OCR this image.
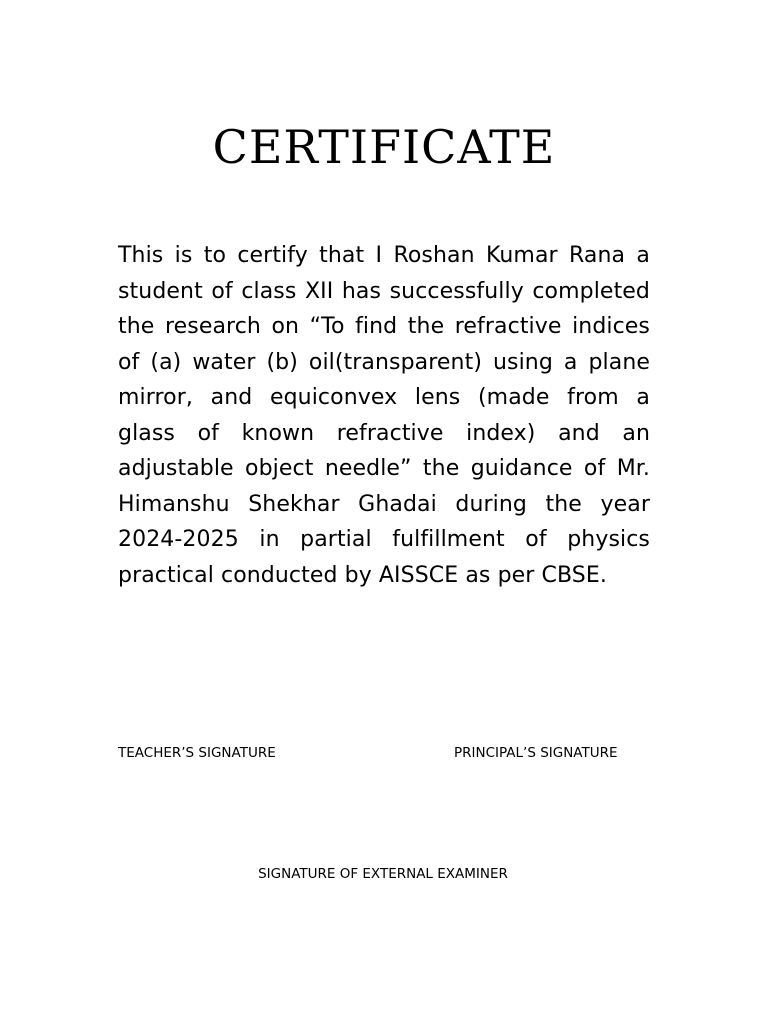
CERTIFICATE

This is to certify that I Roshan Kumar Rana a student of class XII has successfully completed the research on “To find the refractive indices of (a) water (b) oil(transparent) using a plane mirror, and equiconvex lens (made from a glass of known refractive index) and an adjustable object needle” the guidance of Mr. Himanshu Shekhar Ghadai during the year 2024-2025 in partial fulfillment of physics practical conducted by AISSCE as per CBSE.

TEACHER’S SIGNATURE	PRINCIPAL’S SIGNATURE

SIGNATURE OF EXTERNAL EXAMINER
